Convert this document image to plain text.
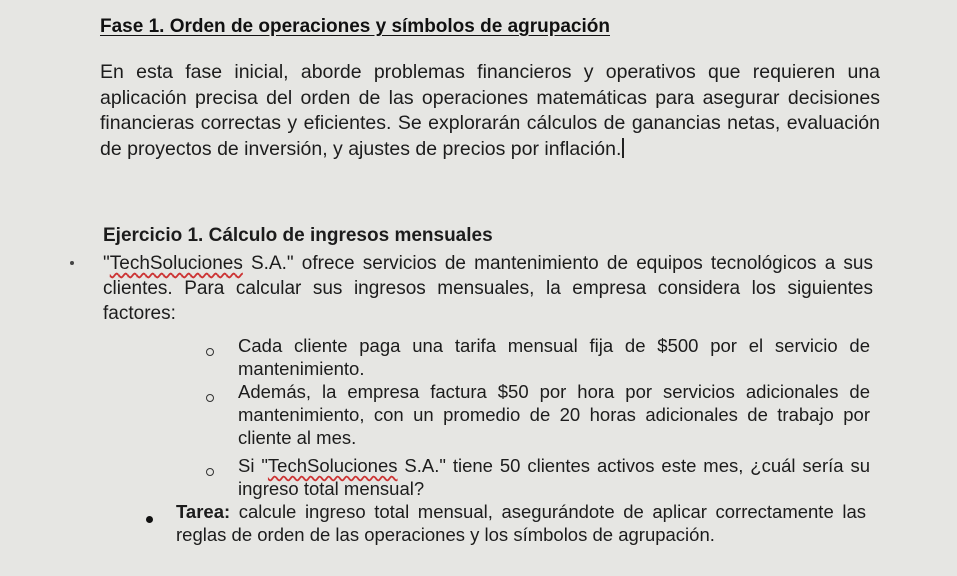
Fase 1. Orden de operaciones y símbolos de agrupación
En esta fase inicial, aborde problemas financieros y operativos que requieren una aplicación precisa del orden de las operaciones matemáticas para asegurar decisiones financieras correctas y eficientes. Se explorarán cálculos de ganancias netas, evaluación de proyectos de inversión, y ajustes de precios por inflación.
Ejercicio 1. Cálculo de ingresos mensuales
"TechSoluciones S.A." ofrece servicios de mantenimiento de equipos tecnológicos a sus clientes. Para calcular sus ingresos mensuales, la empresa considera los siguientes factores:
Cada cliente paga una tarifa mensual fija de $500 por el servicio de mantenimiento.
Además, la empresa factura $50 por hora por servicios adicionales de mantenimiento, con un promedio de 20 horas adicionales de trabajo por cliente al mes.
Si "TechSoluciones S.A." tiene 50 clientes activos este mes, ¿cuál sería su ingreso total mensual?
Tarea: calcule ingreso total mensual, asegurándote de aplicar correctamente las reglas de orden de las operaciones y los símbolos de agrupación.
